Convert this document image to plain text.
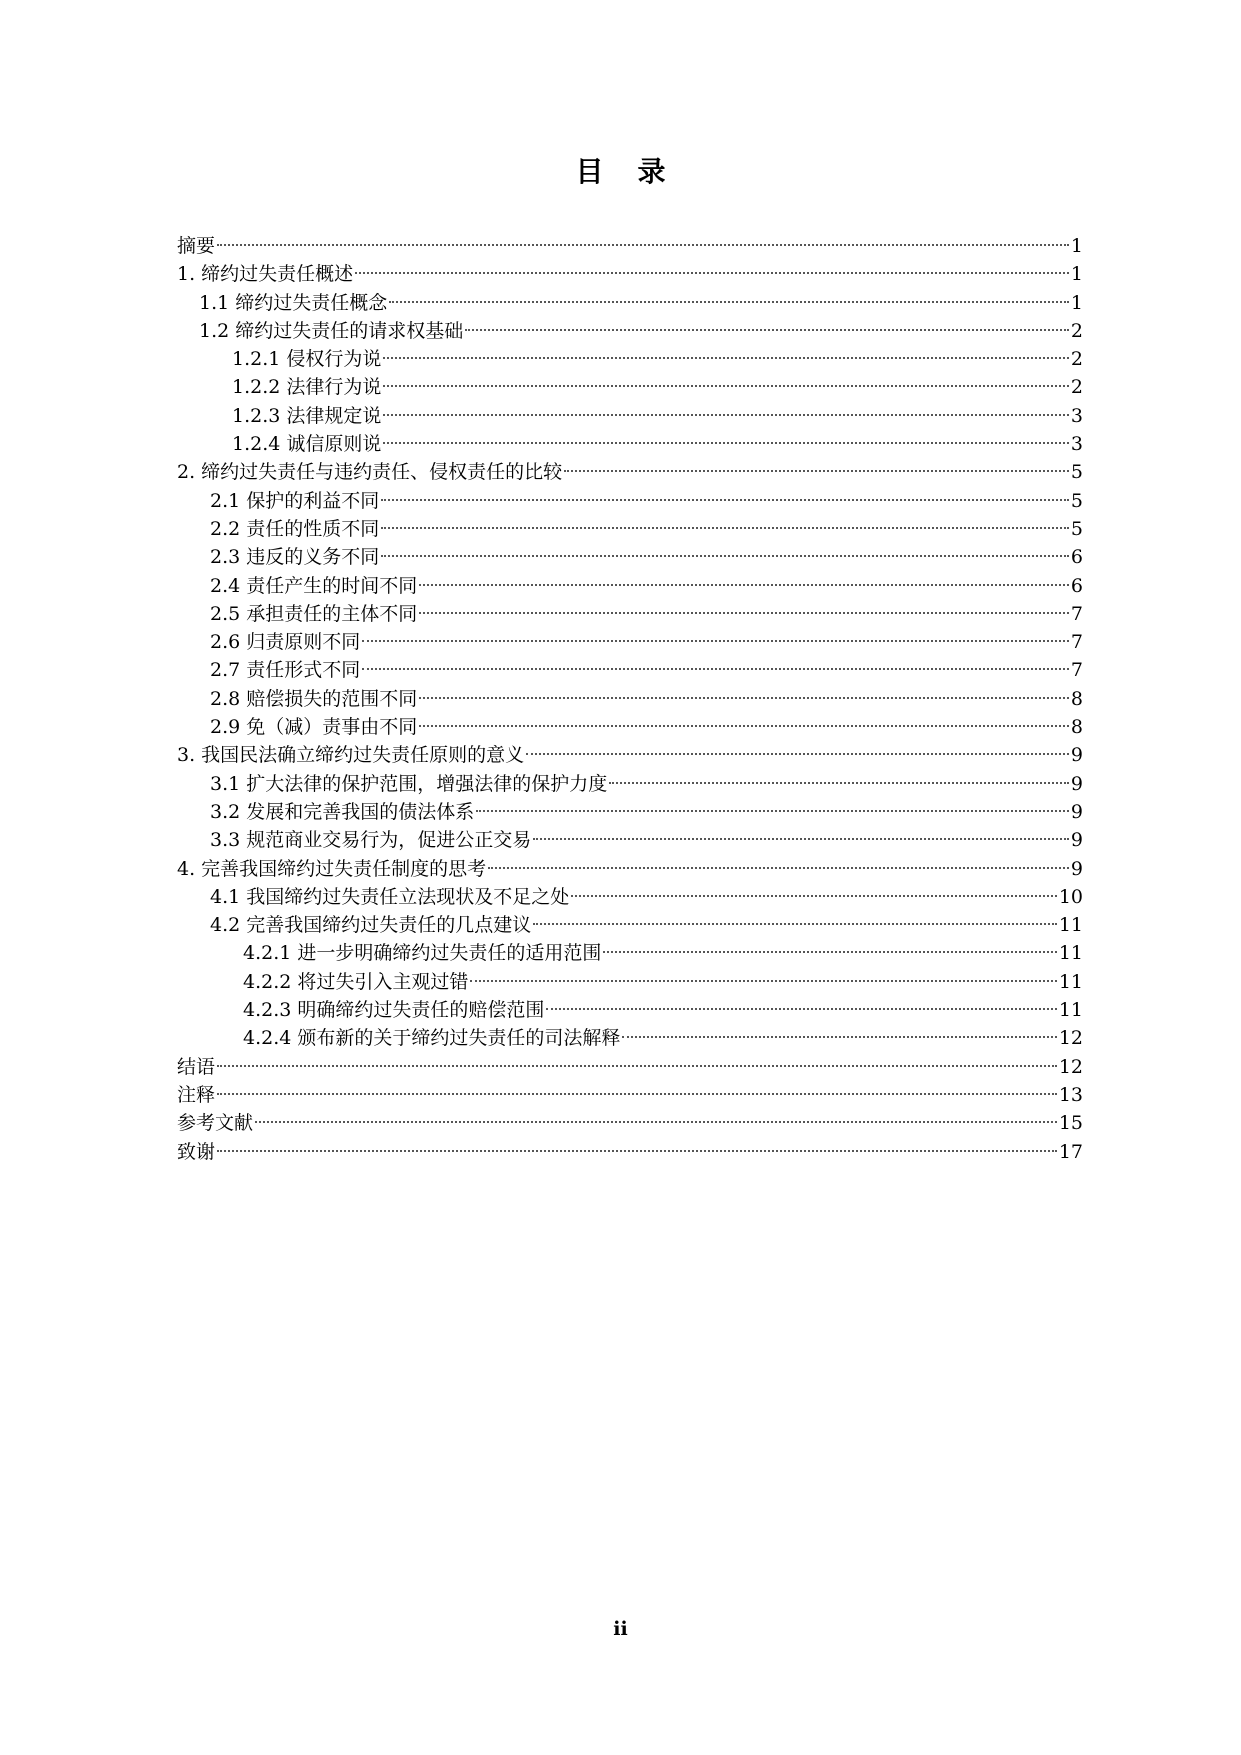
目录
摘要	1
1. 缔约过失责任概述	1
1.1 缔约过失责任概念	1
1.2 缔约过失责任的请求权基础	2
1.2.1 侵权行为说	2
1.2.2 法律行为说	2
1.2.3 法律规定说	3
1.2.4 诚信原则说	3
2. 缔约过失责任与违约责任、侵权责任的比较	5
2.1 保护的利益不同	5
2.2 责任的性质不同	5
2.3 违反的义务不同	6
2.4 责任产生的时间不同	6
2.5 承担责任的主体不同	7
2.6 归责原则不同	7
2.7 责任形式不同	7
2.8 赔偿损失的范围不同	8
2.9 免（减）责事由不同	8
3. 我国民法确立缔约过失责任原则的意义	9
3.1 扩大法律的保护范围，增强法律的保护力度	9
3.2 发展和完善我国的债法体系	9
3.3 规范商业交易行为，促进公正交易	9
4. 完善我国缔约过失责任制度的思考	9
4.1 我国缔约过失责任立法现状及不足之处	10
4.2 完善我国缔约过失责任的几点建议	11
4.2.1 进一步明确缔约过失责任的适用范围	11
4.2.2 将过失引入主观过错	11
4.2.3 明确缔约过失责任的赔偿范围	11
4.2.4 颁布新的关于缔约过失责任的司法解释	12
结语	12
注释	13
参考文献	15
致谢	17
ii
